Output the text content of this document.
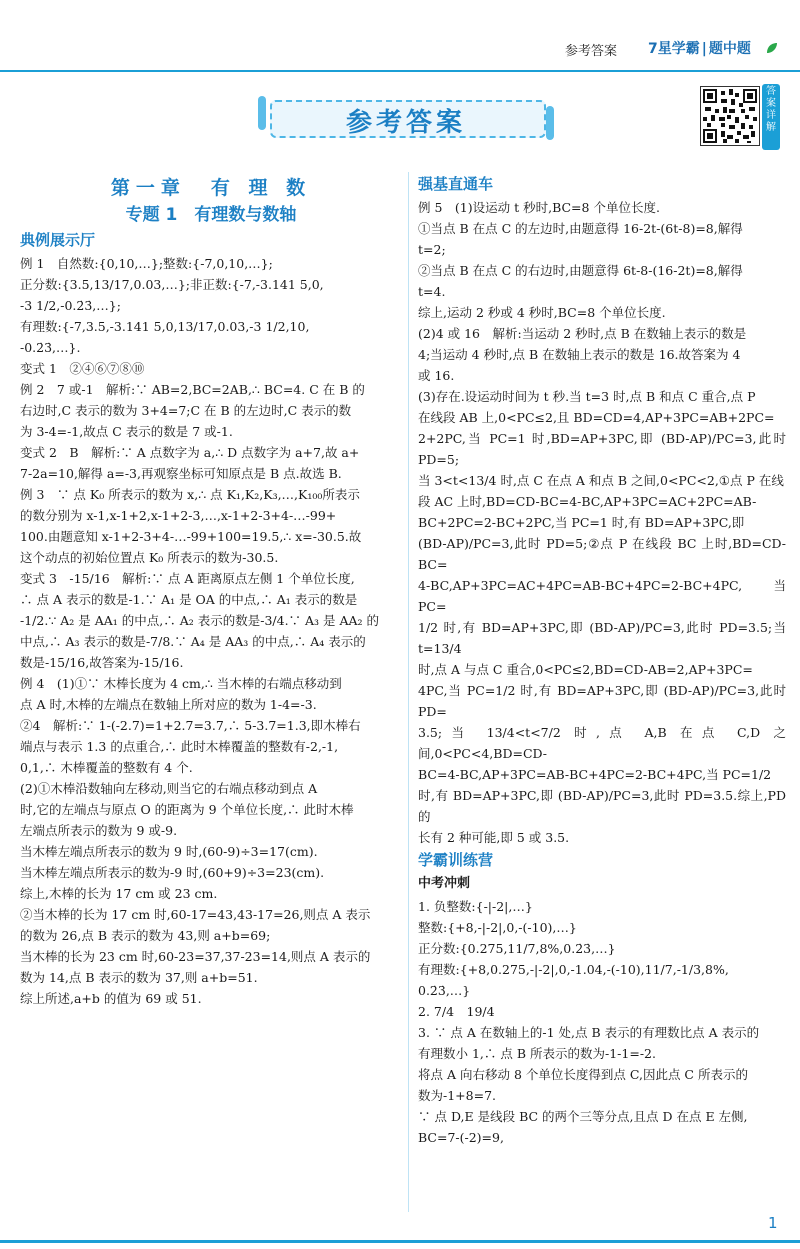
参考答案 7星学霸 | 题中题
参考答案
答案详解
第一章　有 理 数
专题 1　有理数与数轴
典例展示厅

例 1　自然数:{0,10,…};整数:{-7,0,10,…};

正分数:{3.5,13/17,0.03,…};非正数:{-7,-3.141 5,0,

-3 1/2,-0.2̇3̇,…};

有理数:{-7,3.5,-3.141 5,0,13/17,0.03,-3 1/2,10,

-0.2̇3̇,…}.

变式 1　②④⑥⑦⑧⑩

例 2　7 或-1　解析:∵ AB=2,BC=2AB,∴ BC=4. C 在 B 的

右边时,C 表示的数为 3+4=7;C 在 B 的左边时,C 表示的数

为 3-4=-1,故点 C 表示的数是 7 或-1.

变式 2　B　解析:∵ A 点数字为 a,∴ D 点数字为 a+7,故 a+

7-2a=10,解得 a=-3,再观察坐标可知原点是 B 点.故选 B.

例 3　∵ 点 K₀ 所表示的数为 x,∴ 点 K₁,K₂,K₃,…,K₁₀₀所表示

的数分别为 x-1,x-1+2,x-1+2-3,…,x-1+2-3+4-…-99+

100.由题意知 x-1+2-3+4-…-99+100=19.5,∴ x=-30.5.故

这个动点的初始位置点 K₀ 所表示的数为-30.5.

变式 3　-15/16　解析:∵ 点 A 距离原点左侧 1 个单位长度,

∴ 点 A 表示的数是-1.∵ A₁ 是 OA 的中点,∴ A₁ 表示的数是

-1/2.∵ A₂ 是 AA₁ 的中点,∴ A₂ 表示的数是-3/4.∵ A₃ 是 AA₂ 的

中点,∴ A₃ 表示的数是-7/8.∵ A₄ 是 AA₃ 的中点,∴ A₄ 表示的

数是-15/16,故答案为-15/16.

例 4　(1)①∵ 木棒长度为 4 cm,∴ 当木棒的右端点移动到

点 A 时,木棒的左端点在数轴上所对应的数为 1-4=-3.

②4　解析:∵ 1-(-2.7)=1+2.7=3.7,∴ 5-3.7=1.3,即木棒右

端点与表示 1.3 的点重合,∴ 此时木棒覆盖的整数有-2,-1,

0,1,∴ 木棒覆盖的整数有 4 个.

(2)①木棒沿数轴向左移动,则当它的右端点移动到点 A

时,它的左端点与原点 O 的距离为 9 个单位长度,∴ 此时木棒

左端点所表示的数为 9 或-9.

当木棒左端点所表示的数为 9 时,(60-9)÷3=17(cm).

当木棒左端点所表示的数为-9 时,(60+9)÷3=23(cm).

综上,木棒的长为 17 cm 或 23 cm.

②当木棒的长为 17 cm 时,60-17=43,43-17=26,则点 A 表示

的数为 26,点 B 表示的数为 43,则 a+b=69;

当木棒的长为 23 cm 时,60-23=37,37-23=14,则点 A 表示的

数为 14,点 B 表示的数为 37,则 a+b=51.

综上所述,a+b 的值为 69 或 51.

强基直通车

例 5　(1)设运动 t 秒时,BC=8 个单位长度.

①当点 B 在点 C 的左边时,由题意得 16-2t-(6t-8)=8,解得

t=2;

②当点 B 在点 C 的右边时,由题意得 6t-8-(16-2t)=8,解得

t=4.

综上,运动 2 秒或 4 秒时,BC=8 个单位长度.

(2)4 或 16　解析:当运动 2 秒时,点 B 在数轴上表示的数是

4;当运动 4 秒时,点 B 在数轴上表示的数是 16.故答案为 4

或 16.

(3)存在.设运动时间为 t 秒.当 t=3 时,点 B 和点 C 重合,点 P

在线段 AB 上,0<PC≤2,且 BD=CD=4,AP+3PC=AB+2PC=

2+2PC,当 PC=1 时,BD=AP+3PC,即 (BD-AP)/PC=3,此时 PD=5;

当 3<t<13/4 时,点 C 在点 A 和点 B 之间,0<PC<2,①点 P 在线

段 AC 上时,BD=CD-BC=4-BC,AP+3PC=AC+2PC=AB-

BC+2PC=2-BC+2PC,当 PC=1 时,有 BD=AP+3PC,即

(BD-AP)/PC=3,此时 PD=5;②点 P 在线段 BC 上时,BD=CD-BC=

4-BC,AP+3PC=AC+4PC=AB-BC+4PC=2-BC+4PC,当 PC=

1/2 时,有 BD=AP+3PC,即 (BD-AP)/PC=3,此时 PD=3.5;当 t=13/4

时,点 A 与点 C 重合,0<PC≤2,BD=CD-AB=2,AP+3PC=

4PC,当 PC=1/2 时,有 BD=AP+3PC,即 (BD-AP)/PC=3,此时 PD=

3.5;当 13/4<t<7/2 时,点 A,B 在点 C,D 之间,0<PC<4,BD=CD-

BC=4-BC,AP+3PC=AB-BC+4PC=2-BC+4PC,当 PC=1/2

时,有 BD=AP+3PC,即 (BD-AP)/PC=3,此时 PD=3.5.综上,PD 的

长有 2 种可能,即 5 或 3.5.

学霸训练营
中考冲刺

1. 负整数:{-|-2|,…}

整数:{+8,-|-2|,0,-(-10),…}

正分数:{0.275,11/7,8%,0.2̇3̇,…}

有理数:{+8,0.275,-|-2|,0,-1.04,-(-10),11/7,-1/3,8%,

0.2̇3̇,…}

2. 7/4　19/4

3. ∵ 点 A 在数轴上的-1 处,点 B 表示的有理数比点 A 表示的

有理数小 1,∴ 点 B 所表示的数为-1-1=-2.

将点 A 向右移动 8 个单位长度得到点 C,因此点 C 所表示的

数为-1+8=7.

∵ 点 D,E 是线段 BC 的两个三等分点,且点 D 在点 E 左侧,

BC=7-(-2)=9,

1
